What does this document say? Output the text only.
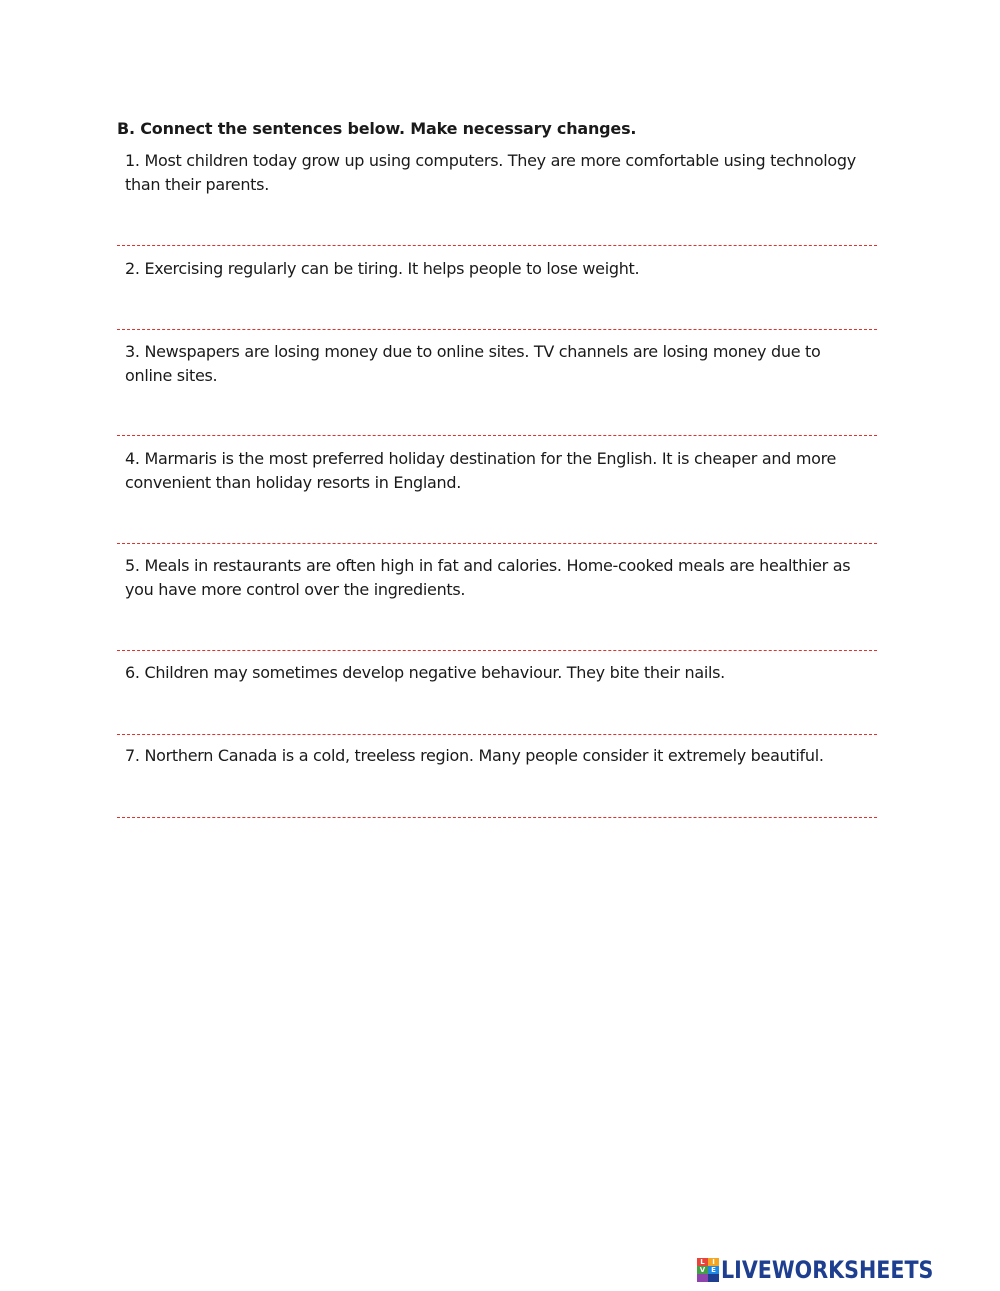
B. Connect the sentences below. Make necessary changes.
1. Most children today grow up using computers. They are more comfortable using technology than their parents.
2. Exercising regularly can be tiring. It helps people to lose weight.
3. Newspapers are losing money due to online sites. TV channels are losing money due to online sites.
4. Marmaris is the most preferred holiday destination for the English. It is cheaper and more convenient than holiday resorts in England.
5. Meals in restaurants are often high in fat and calories. Home-cooked meals are healthier as you have more control over the ingredients.
6. Children may sometimes develop negative behaviour. They bite their nails.
7. Northern Canada is a cold, treeless region. Many people consider it extremely beautiful.
L	I
V E LIVEWORKSHEETS
